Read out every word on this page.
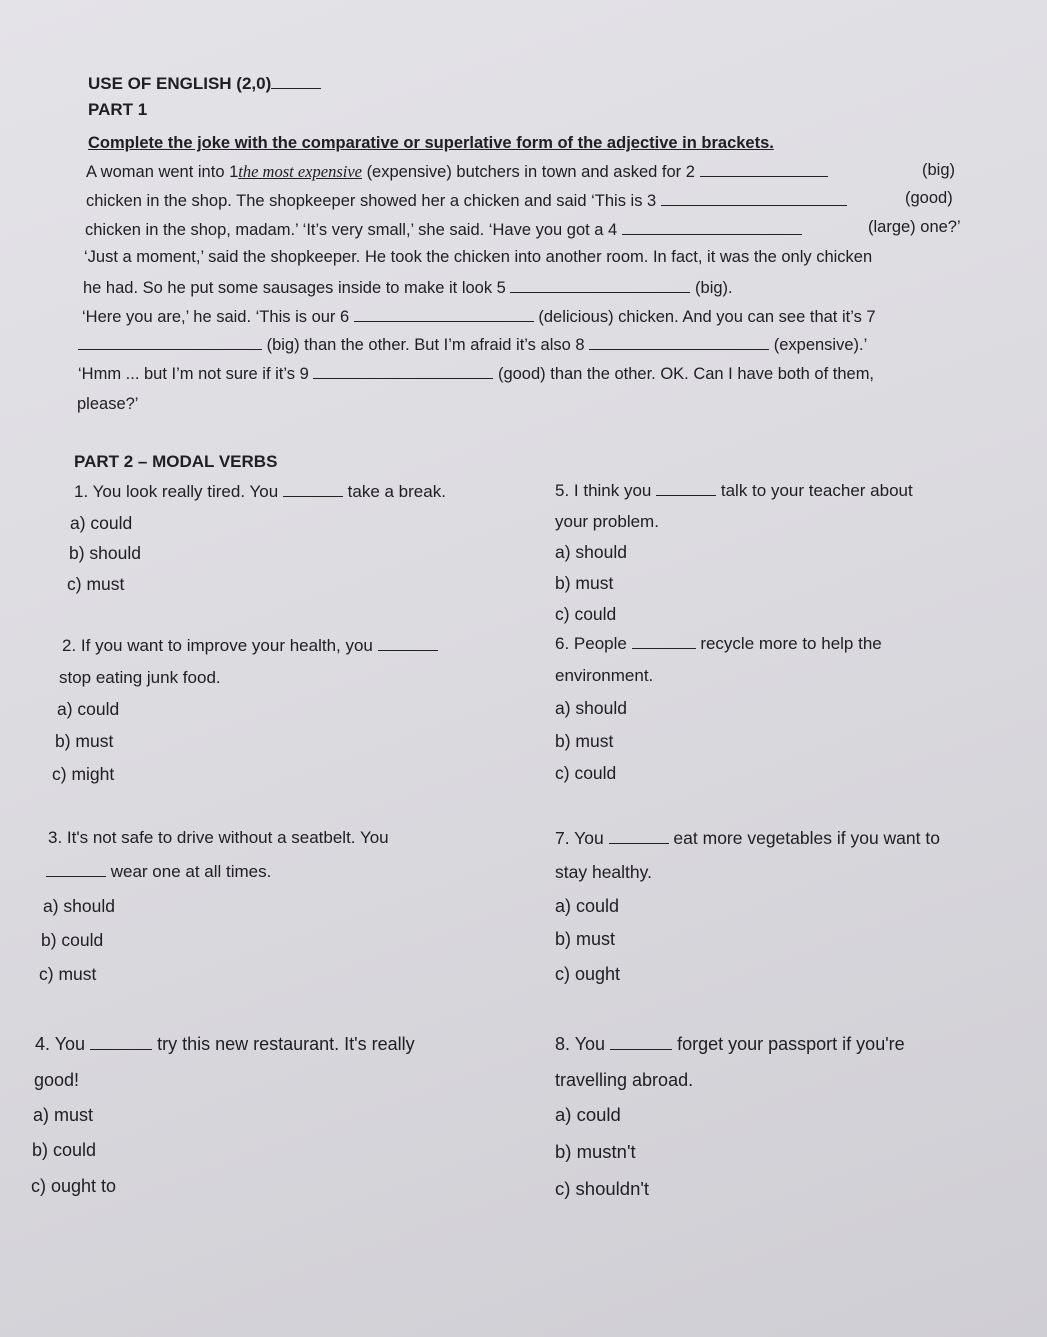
USE OF ENGLISH (2,0)
PART 1
Complete the joke with the comparative or superlative form of the adjective in brackets.
A woman went into 1the most expensive (expensive) butchers in town and asked for 2	(big)
chicken in the shop. The shopkeeper showed her a chicken and said ‘This is 3	(good)
chicken in the shop, madam.’ ‘It’s very small,’ she said. ‘Have you got a 4	(large) one?’
‘Just a moment,’ said the shopkeeper. He took the chicken into another room. In fact, it was the only chicken
he had. So he put some sausages inside to make it look 5	(big).
‘Here you are,’ he said. ‘This is our 6	(delicious) chicken. And you can see that it’s 7
(big) than the other. But I’m afraid it’s also 8	(expensive).’
‘Hmm ... but I’m not sure if it’s 9	(good) than the other. OK. Can I have both of them,
please?’
PART 2 – MODAL VERBS
1. You look really tired. You	take a break.
a) could
b) should
c) must
2. If you want to improve your health, you
stop eating junk food.
a) could
b) must
c) might
3. It's not safe to drive without a seatbelt. You
wear one at all times.
a) should
b) could
c) must
4. You	try this new restaurant. It's really
good!
a) must
b) could
c) ought to
5. I think you	talk to your teacher about
your problem.
a) should
b) must
c) could
6. People	recycle more to help the
environment.
a) should
b) must
c) could
7. You	eat more vegetables if you want to
stay healthy.
a) could
b) must
c) ought
8. You	forget your passport if you're
travelling abroad.
a) could
b) mustn't
c) shouldn't
